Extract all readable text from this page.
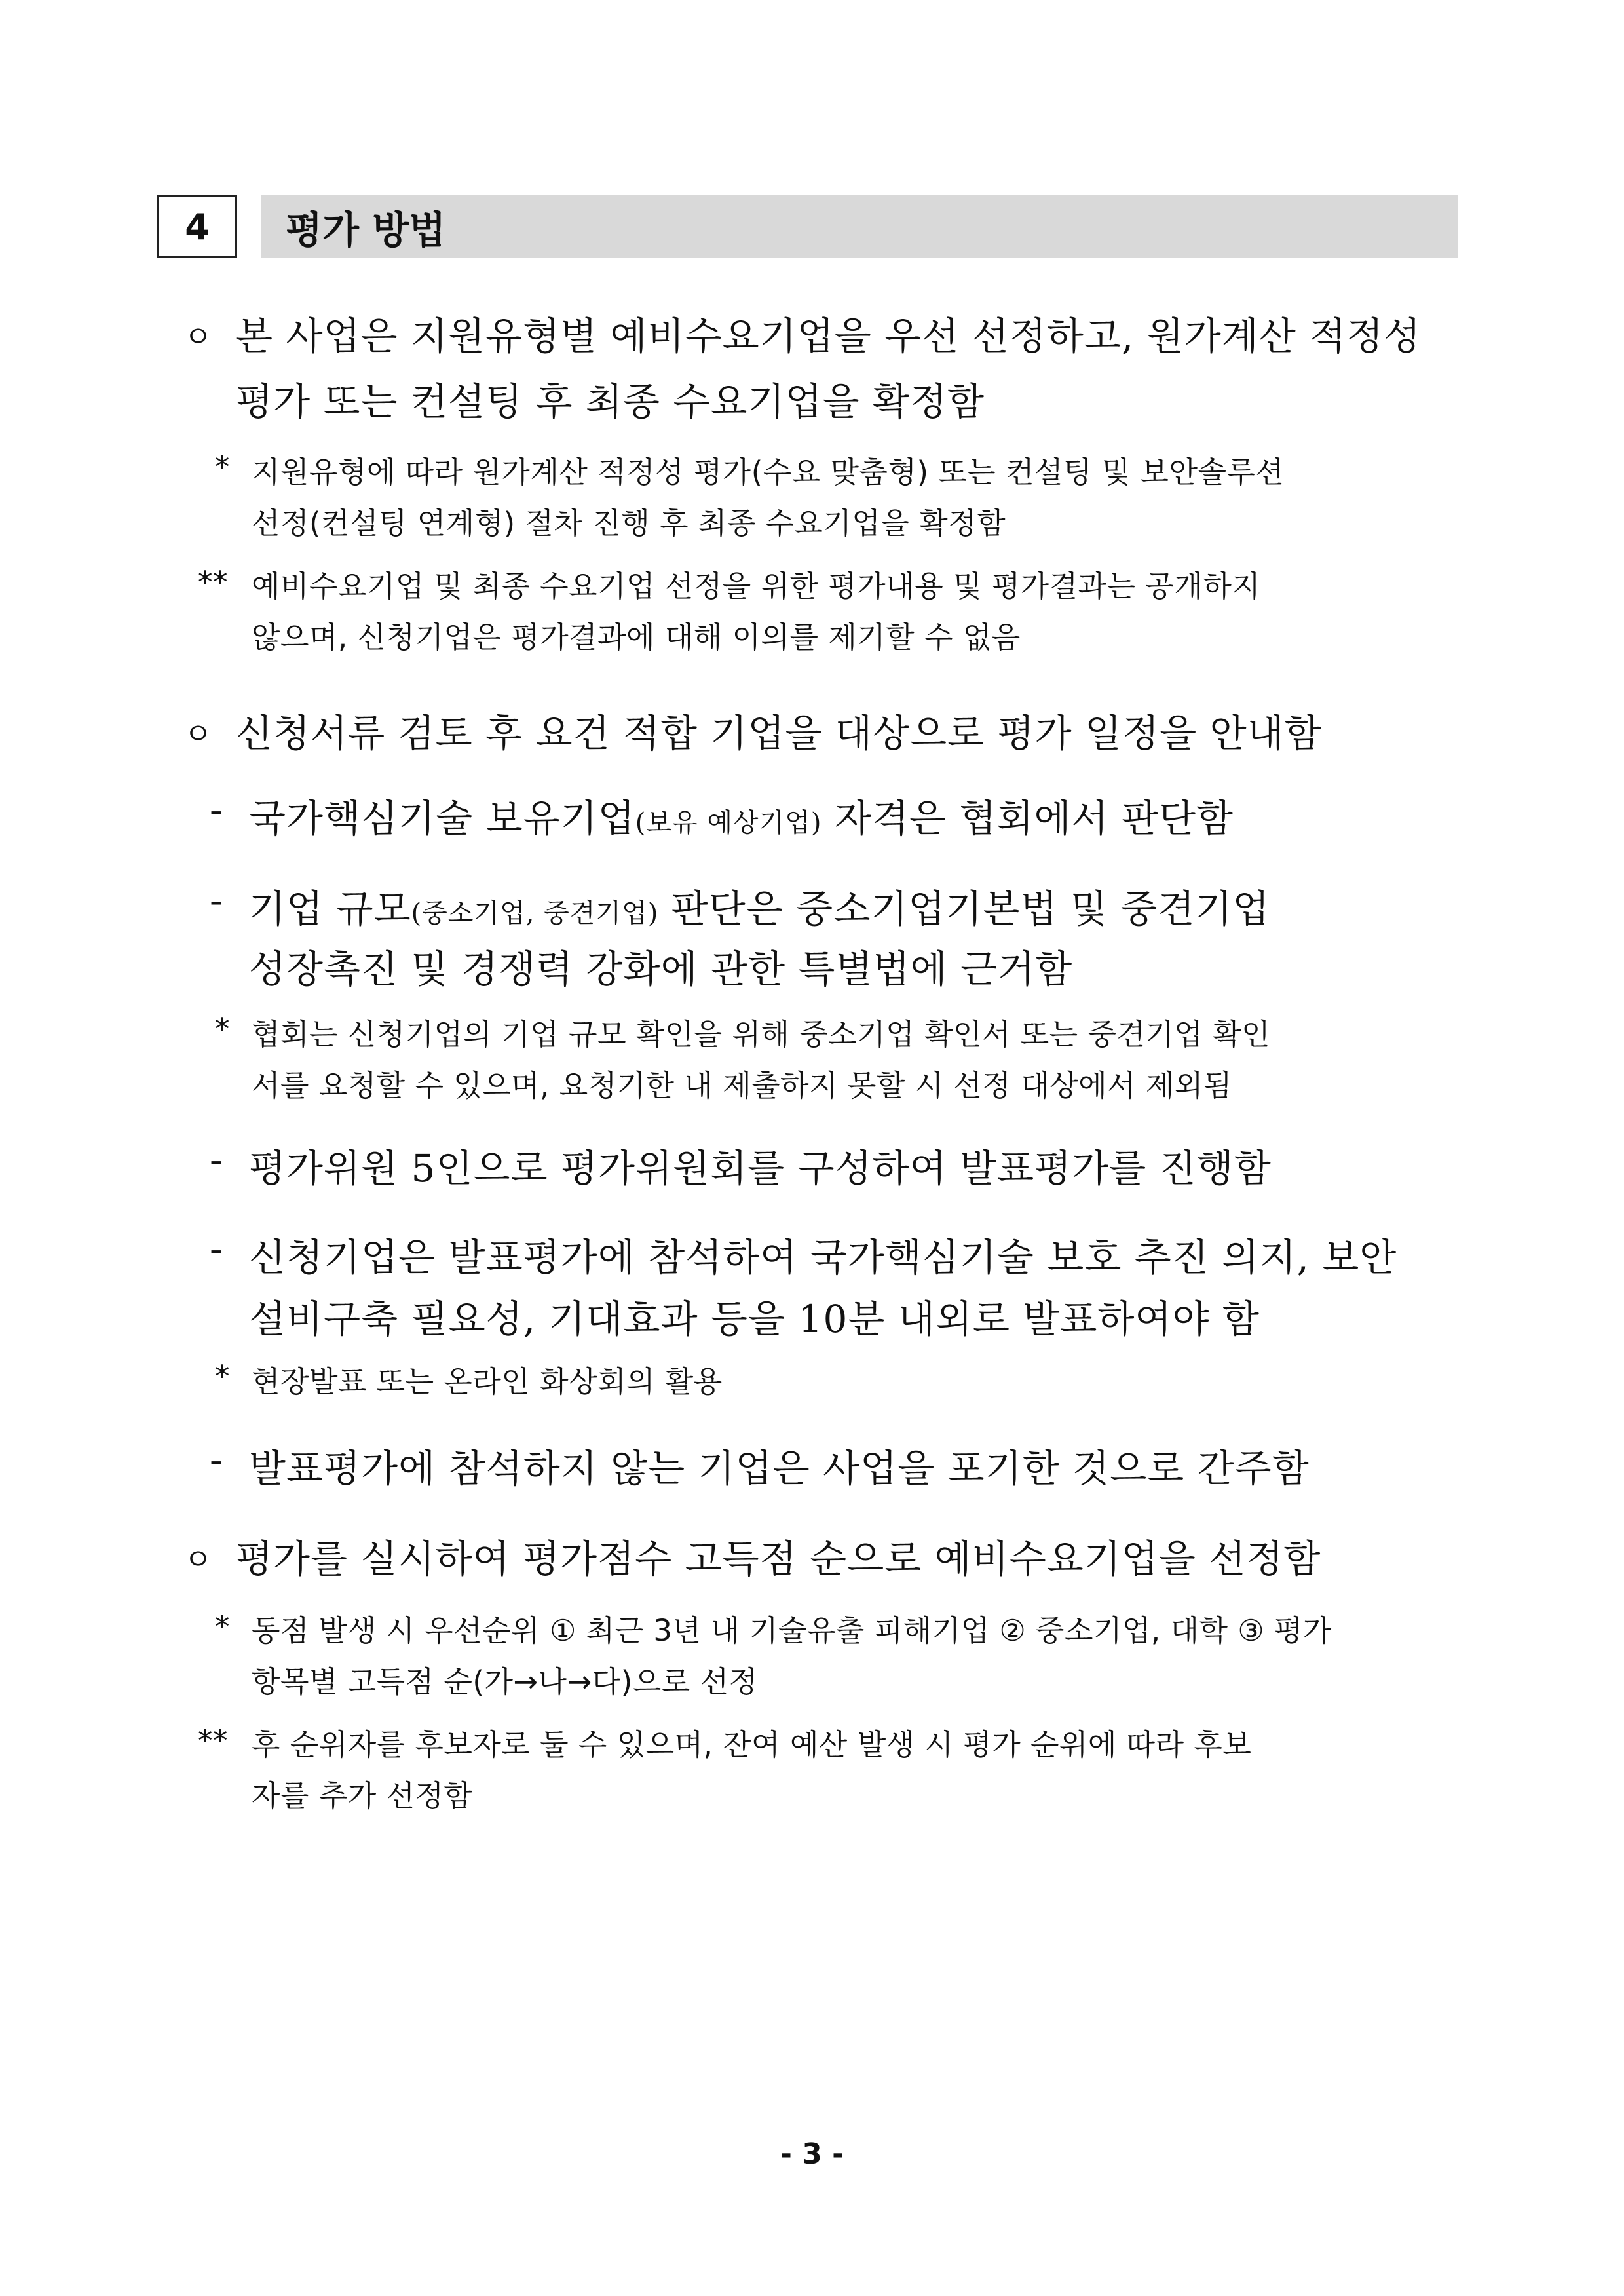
4 평가 방법
ㅇ 본 사업은 지원유형별 예비수요기업을 우선 선정하고, 원가계산 적정성
평가 또는 컨설팅 후 최종 수요기업을 확정함
* 지원유형에 따라 원가계산 적정성 평가(수요 맞춤형) 또는 컨설팅 및 보안솔루션
선정(컨설팅 연계형) 절차 진행 후 최종 수요기업을 확정함
** 예비수요기업 및 최종 수요기업 선정을 위한 평가내용 및 평가결과는 공개하지
않으며, 신청기업은 평가결과에 대해 이의를 제기할 수 없음
ㅇ 신청서류 검토 후 요건 적합 기업을 대상으로 평가 일정을 안내함
- 국가핵심기술 보유기업(보유 예상기업) 자격은 협회에서 판단함
- 기업 규모(중소기업, 중견기업) 판단은 중소기업기본법 및 중견기업
성장촉진 및 경쟁력 강화에 관한 특별법에 근거함
* 협회는 신청기업의 기업 규모 확인을 위해 중소기업 확인서 또는 중견기업 확인
서를 요청할 수 있으며, 요청기한 내 제출하지 못할 시 선정 대상에서 제외됨
- 평가위원 5인으로 평가위원회를 구성하여 발표평가를 진행함
- 신청기업은 발표평가에 참석하여 국가핵심기술 보호 추진 의지, 보안
설비구축 필요성, 기대효과 등을 10분 내외로 발표하여야 함
* 현장발표 또는 온라인 화상회의 활용
- 발표평가에 참석하지 않는 기업은 사업을 포기한 것으로 간주함
ㅇ 평가를 실시하여 평가점수 고득점 순으로 예비수요기업을 선정함
* 동점 발생 시 우선순위 ① 최근 3년 내 기술유출 피해기업 ② 중소기업, 대학 ③ 평가
항목별 고득점 순(가→나→다)으로 선정
** 후 순위자를 후보자로 둘 수 있으며, 잔여 예산 발생 시 평가 순위에 따라 후보
자를 추가 선정함
- 3 -
